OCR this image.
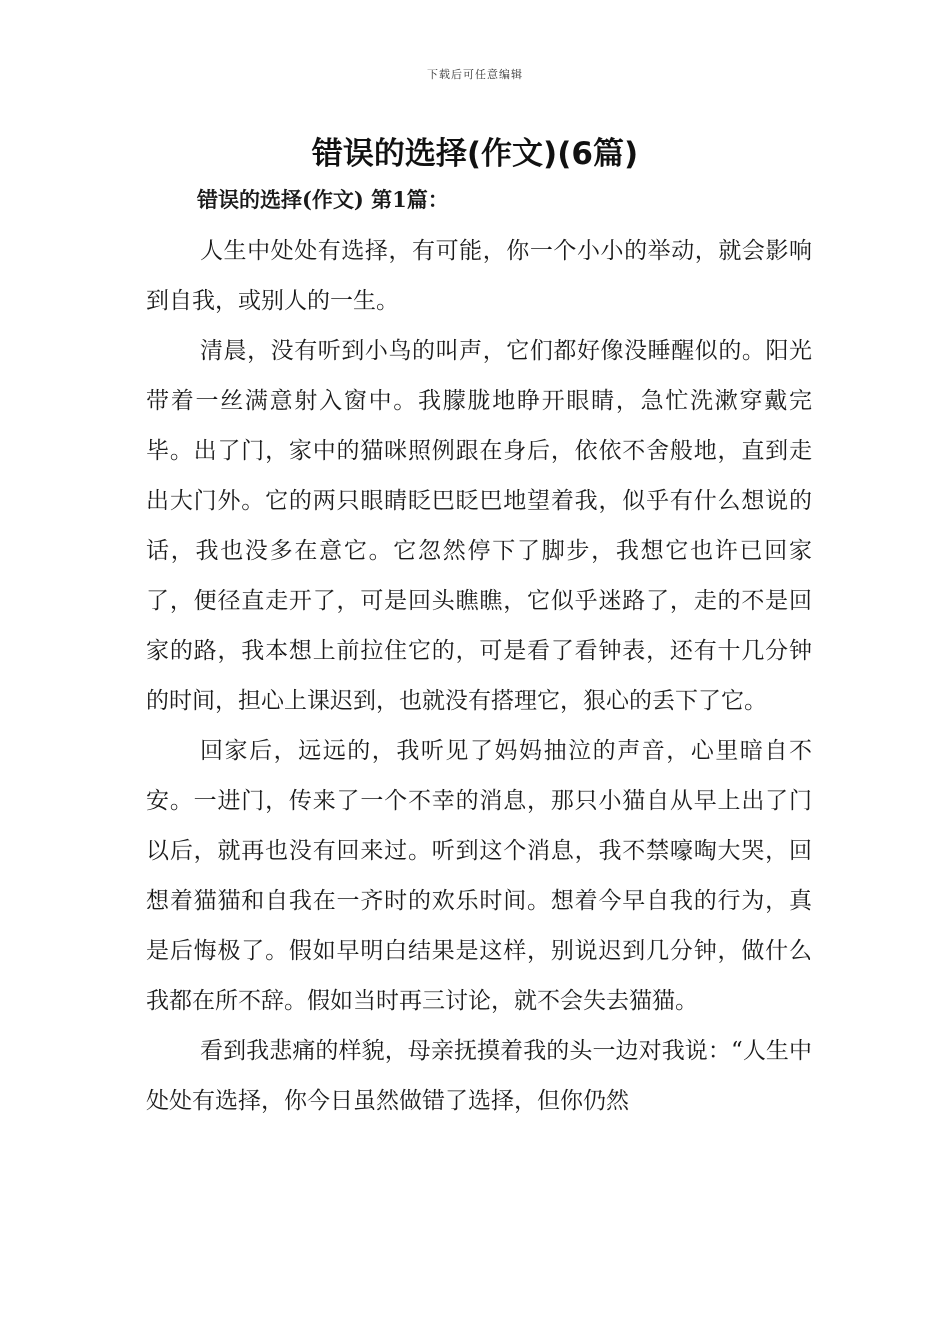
下载后可任意编辑
错误的选择(作文)(6篇)
错误的选择(作文) 第1篇：

人生中处处有选择，有可能，你一个小小的举动，就会影响到自我，或别人的一生。

清晨，没有听到小鸟的叫声，它们都好像没睡醒似的。阳光带着一丝满意射入窗中。我朦胧地睁开眼睛，急忙洗漱穿戴完毕。出了门，家中的猫咪照例跟在身后，依依不舍般地，直到走出大门外。它的两只眼睛眨巴眨巴地望着我，似乎有什么想说的话，我也没多在意它。它忽然停下了脚步，我想它也许已回家了，便径直走开了，可是回头瞧瞧，它似乎迷路了，走的不是回家的路，我本想上前拉住它的，可是看了看钟表，还有十几分钟的时间，担心上课迟到，也就没有搭理它，狠心的丢下了它。

回家后，远远的，我听见了妈妈抽泣的声音，心里暗自不安。一进门，传来了一个不幸的消息，那只小猫自从早上出了门以后，就再也没有回来过。听到这个消息，我不禁嚎啕大哭，回想着猫猫和自我在一齐时的欢乐时间。想着今早自我的行为，真是后悔极了。假如早明白结果是这样，别说迟到几分钟，做什么我都在所不辞。假如当时再三讨论，就不会失去猫猫。

看到我悲痛的样貌，母亲抚摸着我的头一边对我说：“人生中处处有选择，你今日虽然做错了选择，但你仍然
